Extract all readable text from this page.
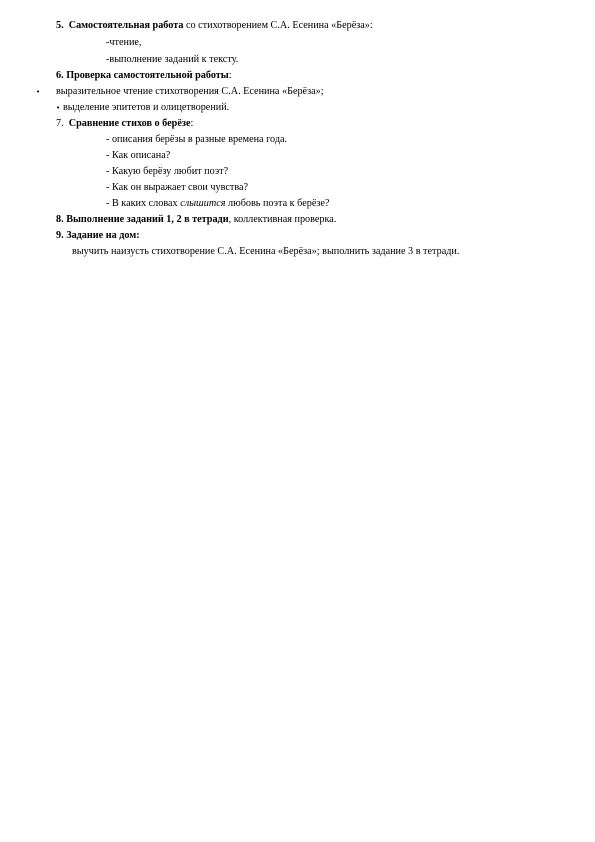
5. Самостоятельная работа со стихотворением С.А. Есенина «Берёза»:
-чтение,
-выполнение заданий к тексту.
6. Проверка самостоятельной работы:
• выразительное чтение стихотворения С.А. Есенина «Берёза»;
• выделение эпитетов и олицетворений.
7. Сравнение стихов о берёзе:
- описания берёзы в разные времена года.
- Как описана?
- Какую берёзу любит поэт?
- Как он выражает свои чувства?
- В каких словах слышится любовь поэта к берёзе?
8. Выполнение заданий 1, 2 в тетради, коллективная проверка.
9. Задание на дом:
выучить наизусть стихотворение С.А. Есенина «Берёза»; выполнить задание 3 в тетради.
